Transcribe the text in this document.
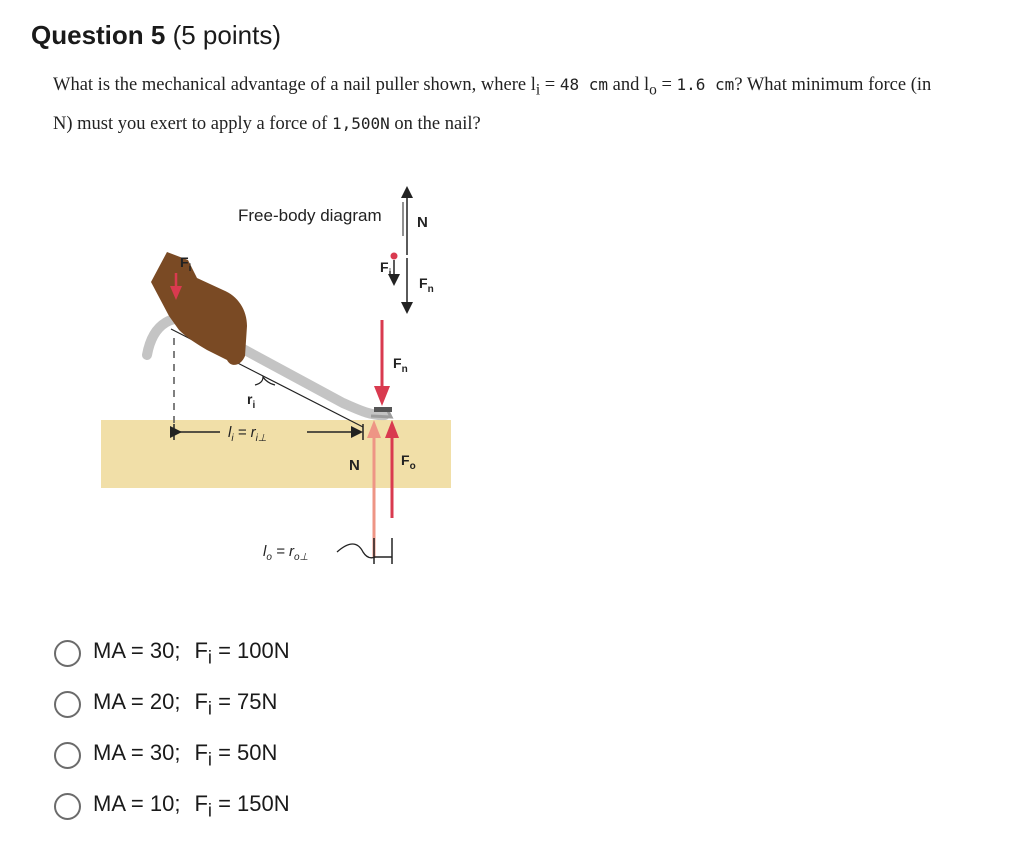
Question 5 (5 points)
What is the mechanical advantage of a nail puller shown, where $l_i = 48$ cm and $l_o = 1.6$ cm? What minimum force (in N) must you exert to apply a force of 1,500N on the nail?
Free-body diagram N
$F_i$
$F_n$
$r_i$
$F_i$
$l_i = r_{i\perp}$
$F_n$
N	$F_o$
$l_o = r_{o\perp}$
MA = 30; $F_i = 100N$
MA = 20; $F_i = 75N$
MA = 30; $F_i = 50N$
MA = 10; $F_i = 150N$
